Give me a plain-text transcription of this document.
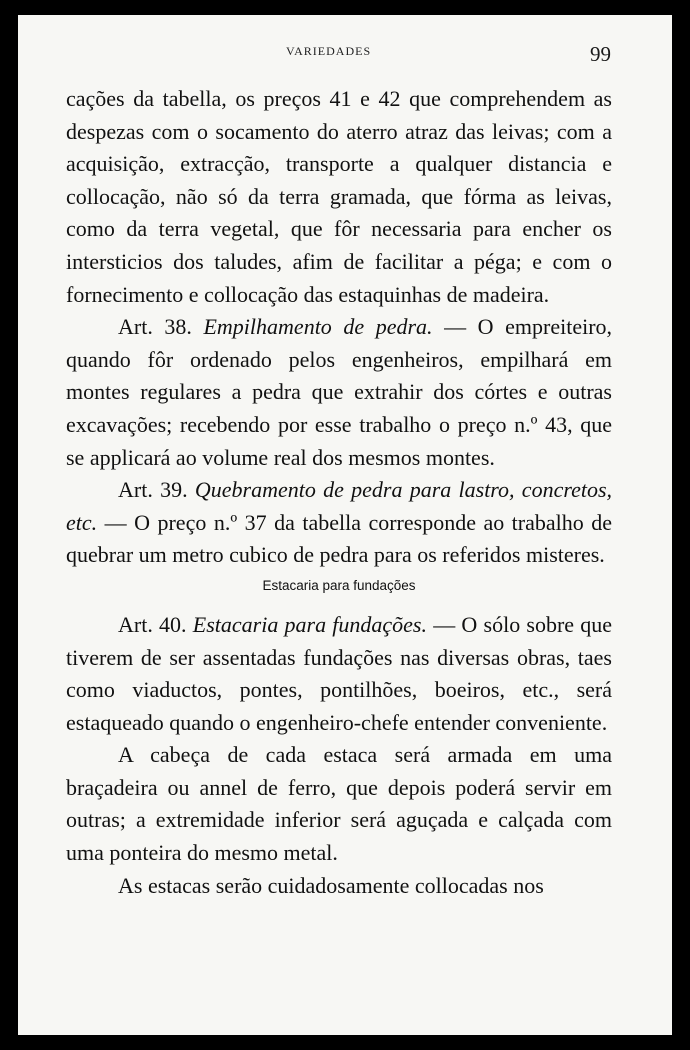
VARIEDADES	99

cações da tabella, os preços 41 e 42 que comprehendem as despezas com o socamento do aterro atraz das leivas; com a acquisição, extracção, transporte a qualquer distancia e collocação, não só da terra gramada, que fórma as leivas, como da terra vegetal, que fôr necessaria para encher os intersticios dos taludes, afim de facilitar a péga; e com o fornecimento e collocação das estaquinhas de madeira.

Art. 38. Empilhamento de pedra. — O empreiteiro, quando fôr ordenado pelos engenheiros, empilhará em montes regulares a pedra que extrahir dos córtes e outras excavações; recebendo por esse trabalho o preço n.º 43, que se applicará ao volume real dos mesmos montes.

Art. 39. Quebramento de pedra para lastro, concretos, etc. — O preço n.º 37 da tabella corresponde ao trabalho de quebrar um metro cubico de pedra para os referidos misteres.

Estacaria para fundações

Art. 40. Estacaria para fundações. — O sólo sobre que tiverem de ser assentadas fundações nas diversas obras, taes como viaductos, pontes, pontilhões, boeiros, etc., será estaqueado quando o engenheiro-chefe entender conveniente.

A cabeça de cada estaca será armada em uma braçadeira ou annel de ferro, que depois poderá servir em outras; a extremidade inferior será aguçada e calçada com uma ponteira do mesmo metal.

As estacas serão cuidadosamente collocadas nos
